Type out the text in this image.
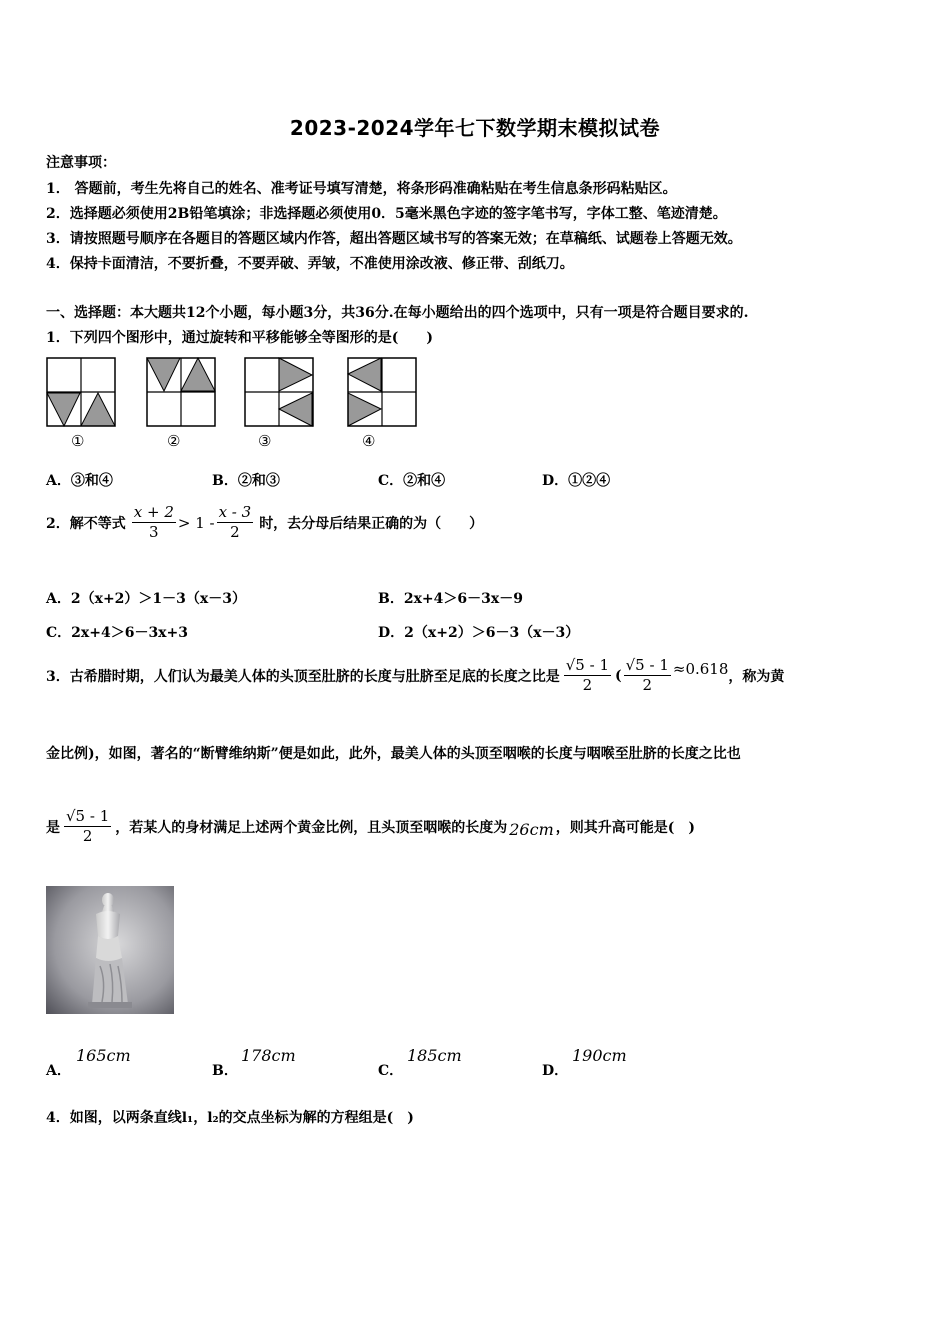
2023-2024学年七下数学期末模拟试卷
注意事项：
1． 答题前，考生先将自己的姓名、准考证号填写清楚，将条形码准确粘贴在考生信息条形码粘贴区。
2．选择题必须使用2B铅笔填涂；非选择题必须使用0．5毫米黑色字迹的签字笔书写，字体工整、笔迹清楚。
3．请按照题号顺序在各题目的答题区域内作答，超出答题区域书写的答案无效；在草稿纸、试题卷上答题无效。
4．保持卡面清洁，不要折叠，不要弄破、弄皱，不准使用涂改液、修正带、刮纸刀。
一、选择题：本大题共12个小题，每小题3分，共36分.在每小题给出的四个选项中，只有一项是符合题目要求的.
1．下列四个图形中，通过旋转和平移能够全等图形的是(　　)
①	②	③	④
A．③和④	B．②和③	C．②和④	D．①②④
2．解不等式 $\frac{x + 2}{3} > 1 - \frac{x - 3}{2}$ 时，去分母后结果正确的为（　　）
A．2（x+2）＞1－3（x－3）	B．2x+4＞6－3x－9
C．2x+4＞6－3x+3	D．2（x+2）＞6－3（x－3）
3．古希腊时期，人们认为最美人体的头顶至肚脐的长度与肚脐至足底的长度之比是 $\frac{√5 - 1}{2}$ ( $\frac{√5 - 1}{2} \approx 0.618$ ，称为黄
金比例)，如图，著名的“断臂维纳斯”便是如此，此外，最美人体的头顶至咽喉的长度与咽喉至肚脐的长度之比也
是 $\frac{√5 - 1}{2}$ ，若某人的身材满足上述两个黄金比例，且头顶至咽喉的长度为 26cm ，则其升高可能是(　)
A．
165cm
B．
178cm
C．
185cm
D．
190cm
4．如图，以两条直线l₁，l₂的交点坐标为解的方程组是(　)
